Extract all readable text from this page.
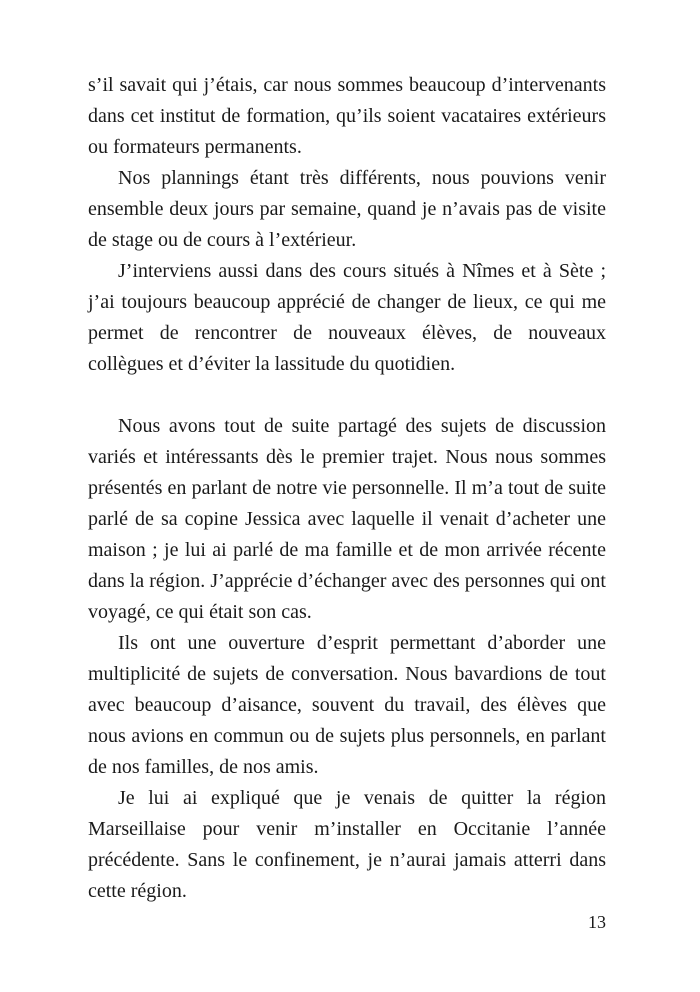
s’il savait qui j’étais, car nous sommes beaucoup d’intervenants dans cet institut de formation, qu’ils soient vacataires extérieurs ou formateurs permanents.

Nos plannings étant très différents, nous pouvions venir ensemble deux jours par semaine, quand je n’avais pas de visite de stage ou de cours à l’extérieur.

J’interviens aussi dans des cours situés à Nîmes et à Sète ; j’ai toujours beaucoup apprécié de changer de lieux, ce qui me permet de rencontrer de nouveaux élèves, de nouveaux collègues et d’éviter la lassitude du quotidien.

Nous avons tout de suite partagé des sujets de discussion variés et intéressants dès le premier trajet. Nous nous sommes présentés en parlant de notre vie personnelle. Il m’a tout de suite parlé de sa copine Jessica avec laquelle il venait d’acheter une maison ; je lui ai parlé de ma famille et de mon arrivée récente dans la région. J’apprécie d’échanger avec des personnes qui ont voyagé, ce qui était son cas.

Ils ont une ouverture d’esprit permettant d’aborder une multiplicité de sujets de conversation. Nous bavardions de tout avec beaucoup d’aisance, souvent du travail, des élèves que nous avions en commun ou de sujets plus personnels, en parlant de nos familles, de nos amis.

Je lui ai expliqué que je venais de quitter la région Marseillaise pour venir m’installer en Occitanie l’année précédente. Sans le confinement, je n’aurai jamais atterri dans cette région.

13
